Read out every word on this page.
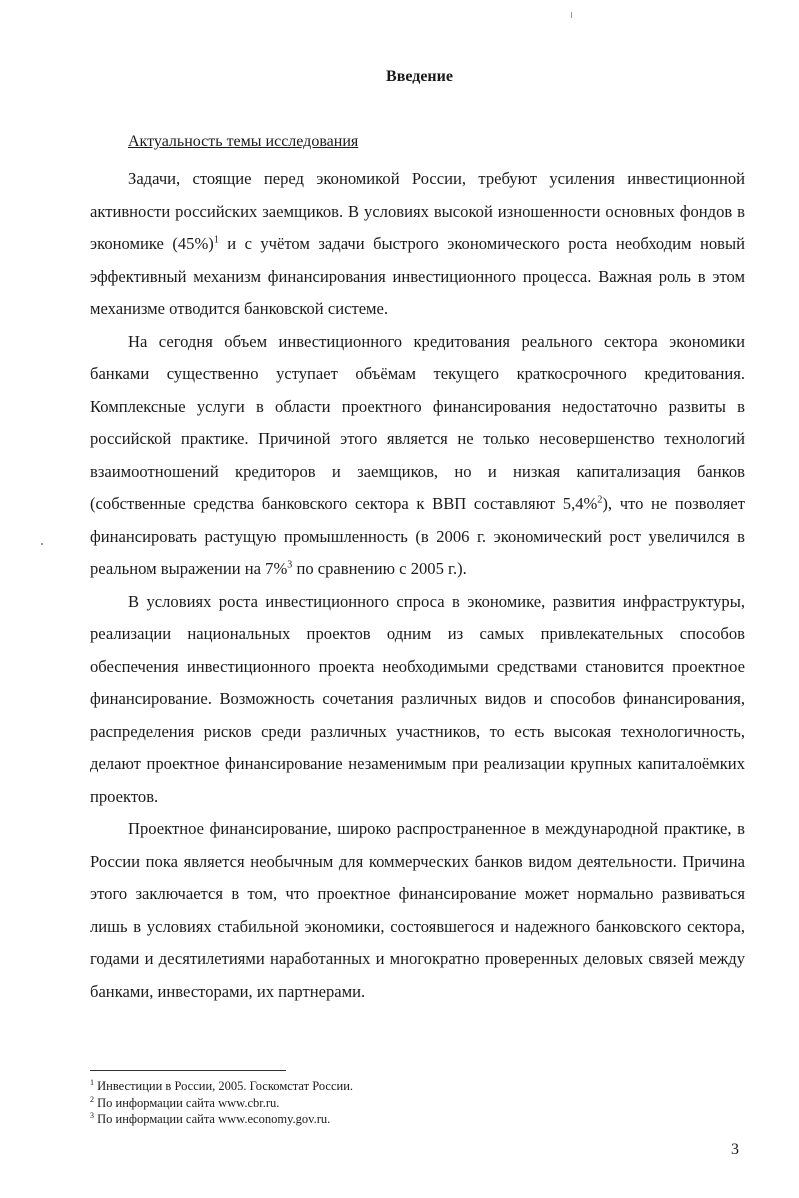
Введение
Актуальность темы исследования

Задачи, стоящие перед экономикой России, требуют усиления инвестиционной активности российских заемщиков. В условиях высокой изношенности основных фондов в экономике $(45\%)^1$ и с учётом задачи быстрого экономического роста необходим новый эффективный механизм финансирования инвестиционного процесса. Важная роль в этом механизме отводится банковской системе.

На сегодня объем инвестиционного кредитования реального сектора экономики банками существенно уступает объёмам текущего краткосрочного кредитования. Комплексные услуги в области проектного финансирования недостаточно развиты в российской практике. Причиной этого является не только несовершенство технологий взаимоотношений кредиторов и заемщиков, но и низкая капитализация банков (собственные средства банковского сектора к ВВП составляют 5,4%$^2$), что не позволяет финансировать растущую промышленность (в 2006 г. экономический рост увеличился в реальном выражении на 7%$^3$ по сравнению с 2005 г.).

В условиях роста инвестиционного спроса в экономике, развития инфраструктуры, реализации национальных проектов одним из самых привлекательных способов обеспечения инвестиционного проекта необходимыми средствами становится проектное финансирование. Возможность сочетания различных видов и способов финансирования, распределения рисков среди различных участников, то есть высокая технологичность, делают проектное финансирование незаменимым при реализации крупных капиталоёмких проектов.

Проектное финансирование, широко распространенное в международной практике, в России пока является необычным для коммерческих банков видом деятельности. Причина этого заключается в том, что проектное финансирование может нормально развиваться лишь в условиях стабильной экономики, состоявшегося и надежного банковского сектора, годами и десятилетиями наработанных и многократно проверенных деловых связей между банками, инвесторами, их партнерами.

$^1$ Инвестиции в России, 2005. Госкомстат России.
$^2$ По информации сайта www.cbr.ru.
$^3$ По информации сайта www.economy.gov.ru.
3
